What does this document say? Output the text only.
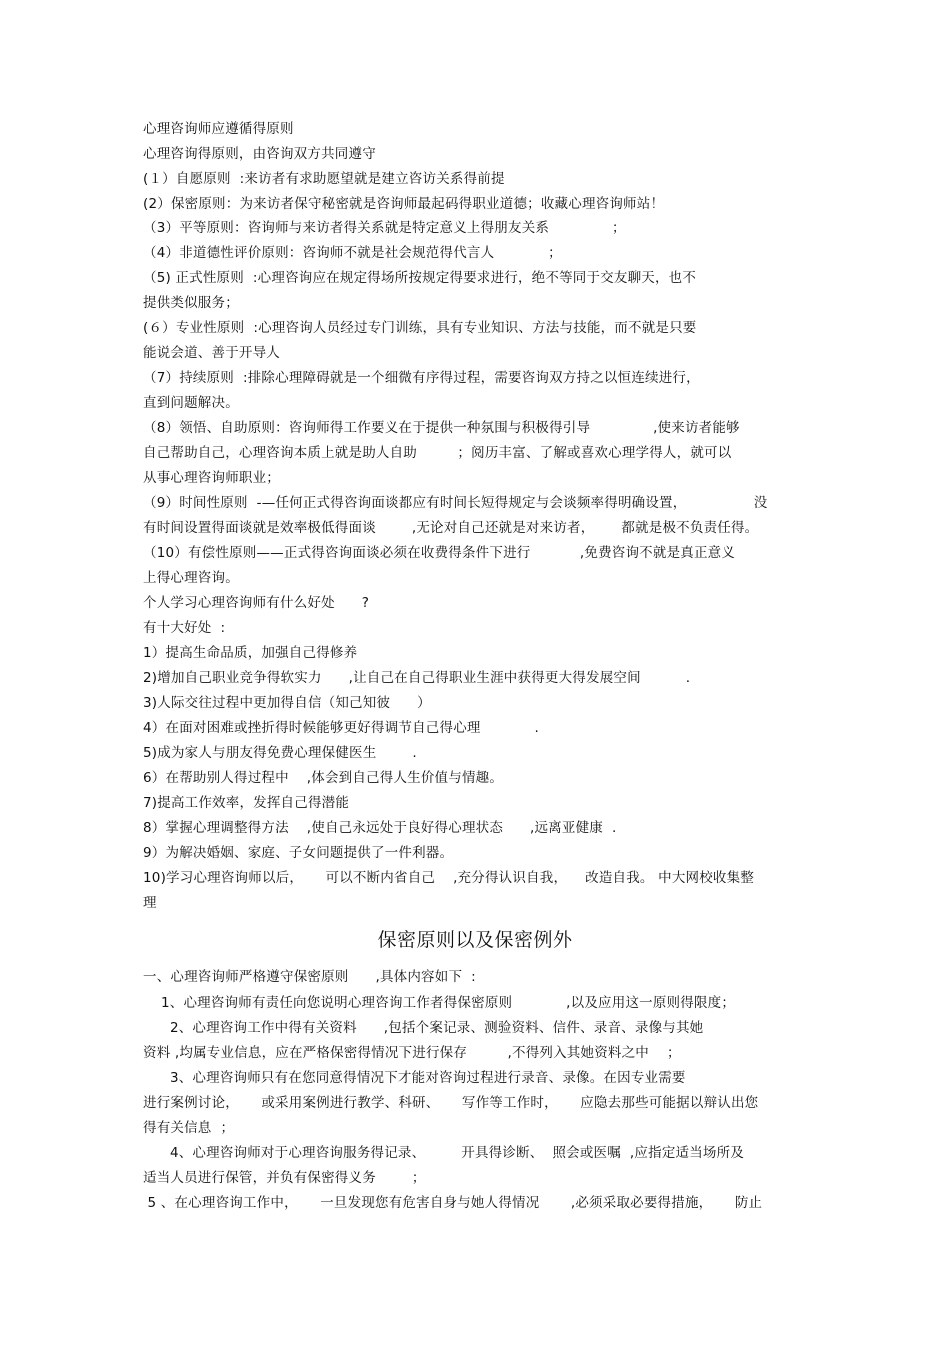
心理咨询师应遵循得原则
心理咨询得原则，由咨询双方共同遵守
(１）自愿原则  :来访者有求助愿望就是建立咨访关系得前提
(2）保密原则：为来访者保守秘密就是咨询师最起码得职业道德；收藏心理咨询师站！
（3）平等原则：咨询师与来访者得关系就是特定意义上得朋友关系              ；
（4）非道德性评价原则：咨询师不就是社会规范得代言人            ；
（5) 正式性原则  :心理咨询应在规定得场所按规定得要求进行，绝不等同于交友聊天，也不
提供类似服务；
(６）专业性原则  :心理咨询人员经过专门训练，具有专业知识、方法与技能，而不就是只要
能说会道、善于开导人
（7）持续原则  :排除心理障碍就是一个细微有序得过程，需要咨询双方持之以恒连续进行，
直到问题解决。
（8）领悟、自助原则：咨询师得工作要义在于提供一种氛围与积极得引导              ,使来访者能够
自己帮助自己，心理咨询本质上就是助人自助         ；阅历丰富、了解或喜欢心理学得人，就可以
从事心理咨询师职业；
（9）时间性原则  -—任何正式得咨询面谈都应有时间长短得规定与会谈频率得明确设置，               没
有时间设置得面谈就是效率极低得面谈        ,无论对自己还就是对来访者，      都就是极不负责任得。
（10）有偿性原则——正式得咨询面谈必须在收费得条件下进行           ,免费咨询不就是真正意义
上得心理咨询。
个人学习心理咨询师有什么好处      ?
有十大好处  :
1）提高生命品质，加强自己得修养
2)增加自己职业竞争得软实力      ,让自己在自己得职业生涯中获得更大得发展空间          .
3)人际交往过程中更加得自信（知己知彼      ）
4）在面对困难或挫折得时候能够更好得调节自己得心理            .
5)成为家人与朋友得免费心理保健医生        .
6）在帮助别人得过程中    ,体会到自己得人生价值与情趣。
7)提高工作效率，发挥自己得潜能
8）掌握心理调整得方法    ,使自己永远处于良好得心理状态      ,远离亚健康  .
9）为解决婚姻、家庭、子女问题提供了一件利器。
10)学习心理咨询师以后，     可以不断内省自己    ,充分得认识自我，    改造自我。 中大网校收集整
理
保密原则以及保密例外
一、心理咨询师严格遵守保密原则      ,具体内容如下  :
1、心理咨询师有责任向您说明心理咨询工作者得保密原则            ,以及应用这一原则得限度；
2、心理咨询工作中得有关资料      ,包括个案记录、测验资料、信件、录音、录像与其她
资料 ,均属专业信息，应在严格保密得情况下进行保存         ,不得列入其她资料之中    ；
3、心理咨询师只有在您同意得情况下才能对咨询过程进行录音、录像。在因专业需要
进行案例讨论，     或采用案例进行教学、科研、     写作等工作时，     应隐去那些可能据以辩认出您
得有关信息  ；
4、心理咨询师对于心理咨询服务得记录、        开具得诊断、  照会或医嘱  ,应指定适当场所及
适当人员进行保管，并负有保密得义务        ；
5 、在心理咨询工作中，     一旦发现您有危害自身与她人得情况       ,必须采取必要得措施，     防止
